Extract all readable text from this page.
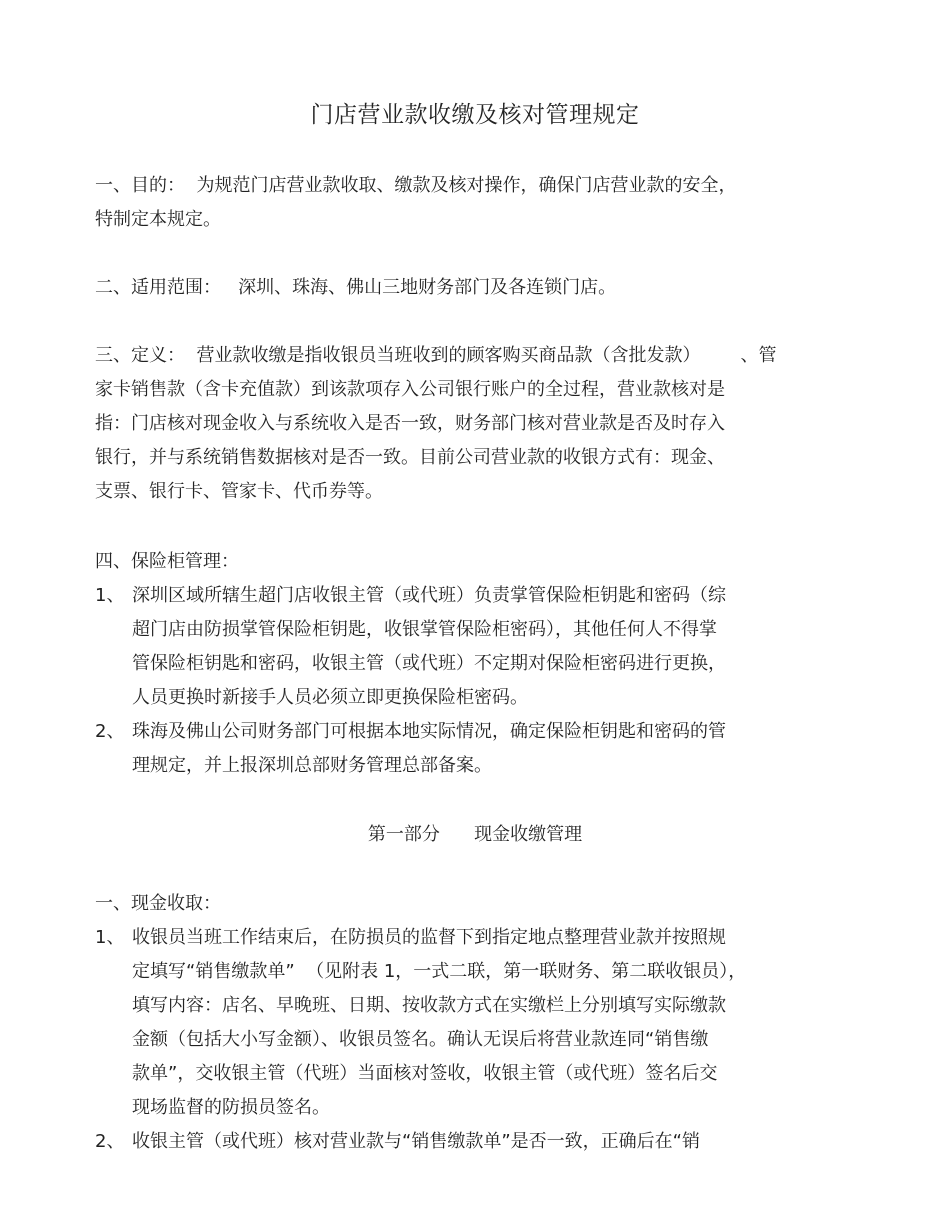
门店营业款收缴及核对管理规定
一、目的：  为规范门店营业款收取、缴款及核对操作，确保门店营业款的安全，
特制定本规定。
二、适用范围：   深圳、珠海、佛山三地财务部门及各连锁门店。
三、定义：  营业款收缴是指收银员当班收到的顾客购买商品款（含批发款）       、管
家卡销售款（含卡充值款）到该款项存入公司银行账户的全过程，营业款核对是
指：门店核对现金收入与系统收入是否一致，财务部门核对营业款是否及时存入
银行，并与系统销售数据核对是否一致。目前公司营业款的收银方式有：现金、
支票、银行卡、管家卡、代币券等。
四、保险柜管理：
1、 深圳区域所辖生超门店收银主管（或代班）负责掌管保险柜钥匙和密码（综
超门店由防损掌管保险柜钥匙，收银掌管保险柜密码），其他任何人不得掌
管保险柜钥匙和密码，收银主管（或代班）不定期对保险柜密码进行更换，
人员更换时新接手人员必须立即更换保险柜密码。
2、 珠海及佛山公司财务部门可根据本地实际情况，确定保险柜钥匙和密码的管
理规定，并上报深圳总部财务管理总部备案。
第一部分      现金收缴管理
一、现金收取：
1、 收银员当班工作结束后，在防损员的监督下到指定地点整理营业款并按照规
定填写“销售缴款单”  （见附表 1，一式二联，第一联财务、第二联收银员），
填写内容：店名、早晚班、日期、按收款方式在实缴栏上分别填写实际缴款
金额（包括大小写金额）、收银员签名。确认无误后将营业款连同“销售缴
款单”，交收银主管（代班）当面核对签收，收银主管（或代班）签名后交
现场监督的防损员签名。
2、 收银主管（或代班）核对营业款与“销售缴款单”是否一致，正确后在“销
